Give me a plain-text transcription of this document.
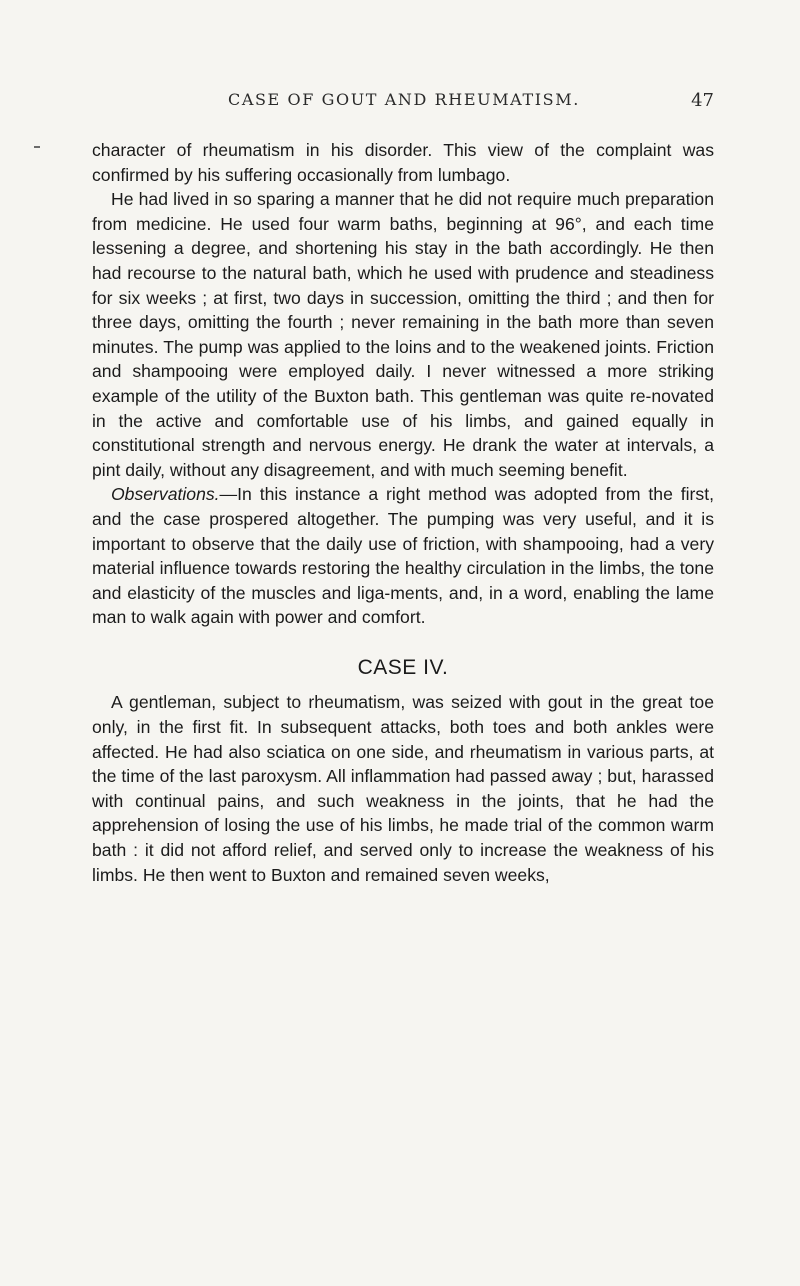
CASE OF GOUT AND RHEUMATISM.	47

character of rheumatism in his disorder. This view of the complaint was confirmed by his suffering occasionally from lumbago.

He had lived in so sparing a manner that he did not require much preparation from medicine. He used four warm baths, beginning at 96°, and each time lessening a degree, and shortening his stay in the bath accordingly. He then had recourse to the natural bath, which he used with prudence and steadiness for six weeks ; at first, two days in succession, omitting the third ; and then for three days, omitting the fourth ; never remaining in the bath more than seven minutes. The pump was applied to the loins and to the weakened joints. Friction and shampooing were employed daily. I never witnessed a more striking example of the utility of the Buxton bath. This gentleman was quite re-novated in the active and comfortable use of his limbs, and gained equally in constitutional strength and nervous energy. He drank the water at intervals, a pint daily, without any disagreement, and with much seeming benefit.

Observations.—In this instance a right method was adopted from the first, and the case prospered altogether. The pumping was very useful, and it is important to observe that the daily use of friction, with shampooing, had a very material influence towards restoring the healthy circulation in the limbs, the tone and elasticity of the muscles and liga-ments, and, in a word, enabling the lame man to walk again with power and comfort.

CASE IV.

A gentleman, subject to rheumatism, was seized with gout in the great toe only, in the first fit. In subsequent attacks, both toes and both ankles were affected. He had also sciatica on one side, and rheumatism in various parts, at the time of the last paroxysm. All inflammation had passed away ; but, harassed with continual pains, and such weakness in the joints, that he had the apprehension of losing the use of his limbs, he made trial of the common warm bath : it did not afford relief, and served only to increase the weakness of his limbs. He then went to Buxton and remained seven weeks,
